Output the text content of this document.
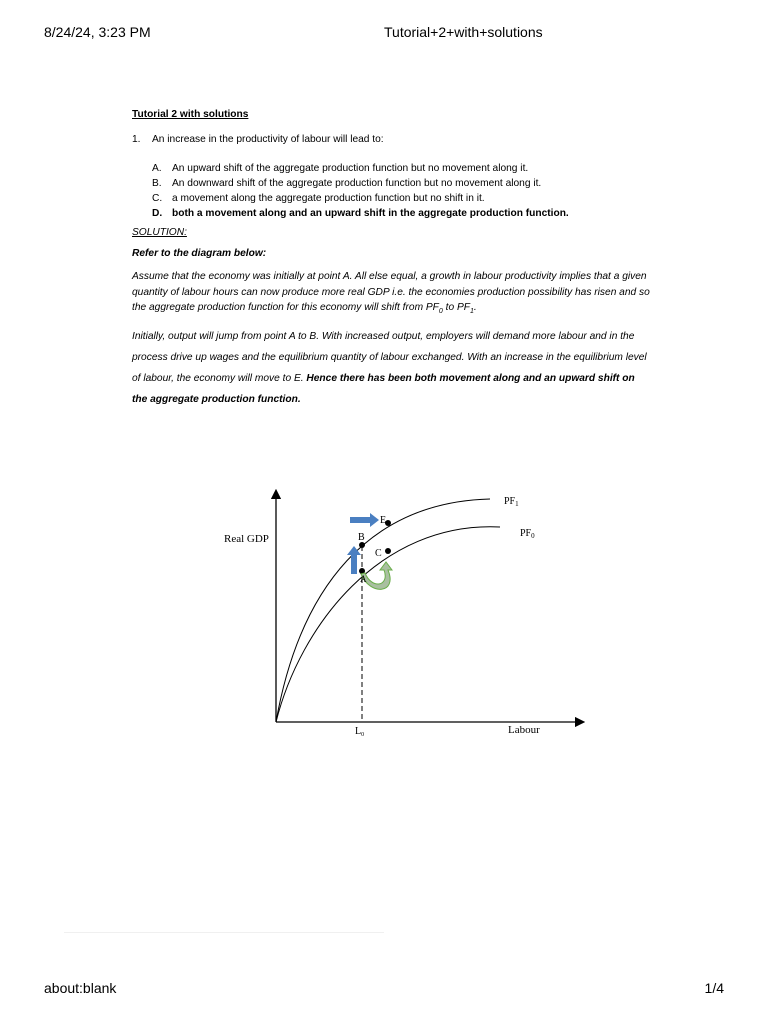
8/24/24, 3:23 PM	Tutorial+2+with+solutions
Tutorial 2 with solutions
1. An increase in the productivity of labour will lead to:
A. An upward shift of the aggregate production function but no movement along it.
B. An downward shift of the aggregate production function but no movement along it.
C. a movement along the aggregate production function but no shift in it.
D. both a movement along and an upward shift in the aggregate production function.
SOLUTION:
Refer to the diagram below:

Assume that the economy was initially at point A. All else equal, a growth in labour productivity implies that a given quantity of labour hours can now produce more real GDP i.e. the economies production possibility has risen and so the aggregate production function for this economy will shift from $PF_0$ to $PF_1$.

Initially, output will jump from point A to B. With increased output, employers will demand more labour and in the process drive up wages and the equilibrium quantity of labour exchanged. With an increase in the equilibrium level of labour, the economy will move to E. Hence there has been both movement along and an upward shift on the aggregate production function.

Real GDP
Labour
$PF_1$
$PF_0$
$L_0$
A
B
C
E
about:blank	1/4
